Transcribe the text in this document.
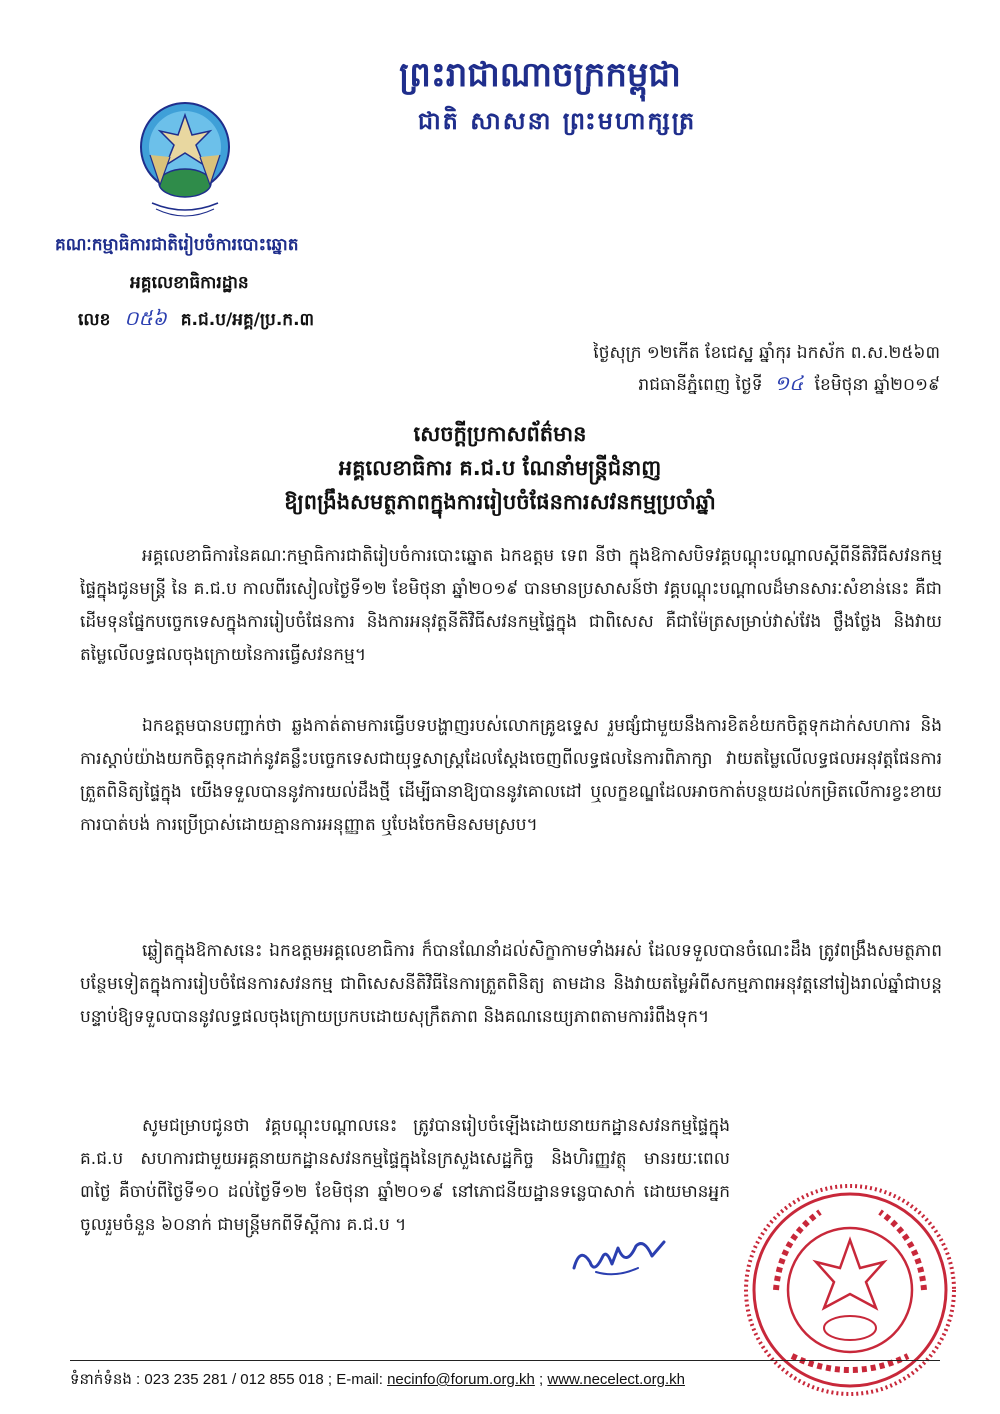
ព្រះរាជាណាចក្រកម្ពុជា
ជាតិ សាសនា ព្រះមហាក្សត្រ
គណៈកម្មាធិការជាតិរៀបចំការបោះឆ្នោត
អគ្គលេខាធិការដ្ឋាន
លេខ ០៥៦ គ.ជ.ប/អគ្គ/ប្រ.ក.៣
ថ្ងៃសុក្រ ១២កើត ខែជេស្ឋ ឆ្នាំកុរ ឯកស័ក ព.ស.២៥៦៣
រាជធានីភ្នំពេញ ថ្ងៃទី ១៤ ខែមិថុនា ឆ្នាំ២០១៩
សេចក្តីប្រកាសព័ត៌មាន
អគ្គលេខាធិការ គ.ជ.ប ណែនាំមន្ត្រីជំនាញ
ឱ្យពង្រឹងសមត្ថភាពក្នុងការរៀបចំផែនការសវនកម្មប្រចាំឆ្នាំ
អគ្គលេខាធិការនៃគណៈកម្មាធិការជាតិរៀបចំការបោះឆ្នោត ឯកឧត្តម ទេព នីថា ក្នុងឱកាសបិទវគ្គបណ្តុះបណ្តាលស្តីពីនីតិវិធីសវនកម្មផ្ទៃក្នុងជូនមន្ត្រី នៃ គ.ជ.ប កាលពីរសៀលថ្ងៃទី១២ ខែមិថុនា ឆ្នាំ២០១៩ បានមានប្រសាសន៍ថា វគ្គបណ្តុះបណ្តាលដ៏មានសារៈសំខាន់នេះ គឺជាដើមទុនផ្នែកបច្ចេកទេសក្នុងការរៀបចំផែនការ និងការអនុវត្តនីតិវិធីសវនកម្មផ្ទៃក្នុង ជាពិសេស គឺជាម៉ែត្រសម្រាប់វាស់វែង ថ្លឹងថ្លែង និងវាយតម្លៃលើលទ្ធផលចុងក្រោយនៃការធ្វើសវនកម្ម។
ឯកឧត្តមបានបញ្ជាក់ថា ឆ្លងកាត់តាមការធ្វើបទបង្ហាញរបស់លោកគ្រូឧទ្ទេស រួមផ្សំជាមួយនឹងការខិតខំយកចិត្តទុកដាក់សហការ និងការស្តាប់យ៉ាងយកចិត្តទុកដាក់នូវគន្លឹះបច្ចេកទេសជាយុទ្ធសាស្ត្រដែលស្តែងចេញពីលទ្ធផលនៃការពិភាក្សា វាយតម្លៃលើលទ្ធផលអនុវត្តផែនការត្រួតពិនិត្យផ្ទៃក្នុង យើងទទួលបាននូវការយល់ដឹងថ្មី ដើម្បីធានាឱ្យបាននូវគោលដៅ ឬលក្ខខណ្ឌដែលអាចកាត់បន្ថយដល់កម្រិតលើការខ្វះខាយ ការបាត់បង់ ការប្រើប្រាស់ដោយគ្មានការអនុញ្ញាត ឬបែងចែកមិនសមស្រប។
ឆ្លៀតក្នុងឱកាសនេះ ឯកឧត្តមអគ្គលេខាធិការ ក៏បានណែនាំដល់សិក្ខាកាមទាំងអស់ ដែលទទួលបានចំណេះដឹង ត្រូវពង្រឹងសមត្ថភាពបន្ថែមទៀតក្នុងការរៀបចំផែនការសវនកម្ម ជាពិសេសនីតិវិធីនៃការត្រួតពិនិត្យ តាមដាន និងវាយតម្លៃអំពីសកម្មភាពអនុវត្តនៅរៀងរាល់ឆ្នាំជាបន្តបន្ទាប់ឱ្យទទួលបាននូវលទ្ធផលចុងក្រោយប្រកបដោយសុក្រឹតភាព និងគណនេយ្យភាពតាមការរំពឹងទុក។
សូមជម្រាបជូនថា វគ្គបណ្តុះបណ្តាលនេះ ត្រូវបានរៀបចំឡើងដោយនាយកដ្ឋានសវនកម្មផ្ទៃក្នុង គ.ជ.ប សហការជាមួយអគ្គនាយកដ្ឋានសវនកម្មផ្ទៃក្នុងនៃក្រសួងសេដ្ឋកិច្ច និងហិរញ្ញវត្ថុ មានរយៈពេល ៣ថ្ងៃ គឺចាប់ពីថ្ងៃទី១០ ដល់ថ្ងៃទី១២ ខែមិថុនា ឆ្នាំ២០១៩ នៅភោជនីយដ្ឋានទន្លេបាសាក់ ដោយមានអ្នកចូលរួមចំនួន ៦០នាក់ ជាមន្ត្រីមកពីទីស្តីការ គ.ជ.ប ។
ទំនាក់ទំនង : 023 235 281 / 012 855 018 ; E-mail: necinfo@forum.org.kh ; www.necelect.org.kh
